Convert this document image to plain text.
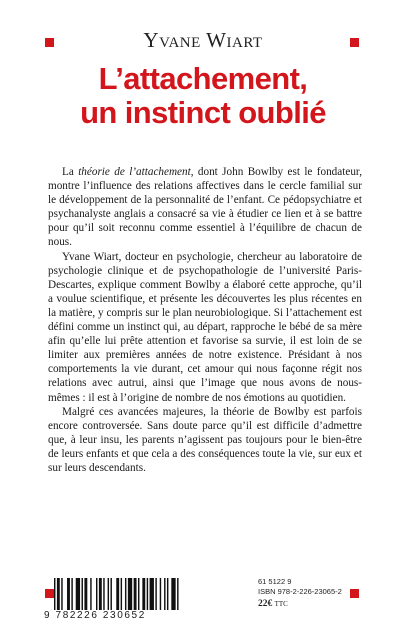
Yvane Wiart
L’attachement,
un instinct oublié

La théorie de l’attachement, dont John Bowlby est le fondateur, montre l’influence des relations affectives dans le cercle familial sur le développement de la personnalité de l’enfant. Ce pédopsychiatre et psychanalyste anglais a consacré sa vie à étudier ce lien et à se battre pour qu’il soit reconnu comme essentiel à l’équilibre de chacun de nous.

Yvane Wiart, docteur en psychologie, chercheur au laboratoire de psychologie clinique et de psychopathologie de l’université Paris-Descartes, explique comment Bowlby a élaboré cette approche, qu’il a voulue scientifique, et présente les découvertes les plus récentes en la matière, y compris sur le plan neurobiologique. Si l’attachement est défini comme un instinct qui, au départ, rapproche le bébé de sa mère afin qu’elle lui prête attention et favorise sa survie, il est loin de se limiter aux premières années de notre existence. Présidant à nos comportements la vie durant, cet amour qui nous façonne régit nos relations avec autrui, ainsi que l’image que nous avons de nous-mêmes : il est à l’origine de nombre de nos émotions au quotidien.

Malgré ces avancées majeures, la théorie de Bowlby est parfois encore controversée. Sans doute parce qu’il est difficile d’admettre que, à leur insu, les parents n’agissent pas toujours pour le bien-être de leurs enfants et que cela a des conséquences toute la vie, sur eux et sur leurs descendants.

9 782226 230652
61 5122 9
ISBN 978-2-226-23065-2
22€ TTC
